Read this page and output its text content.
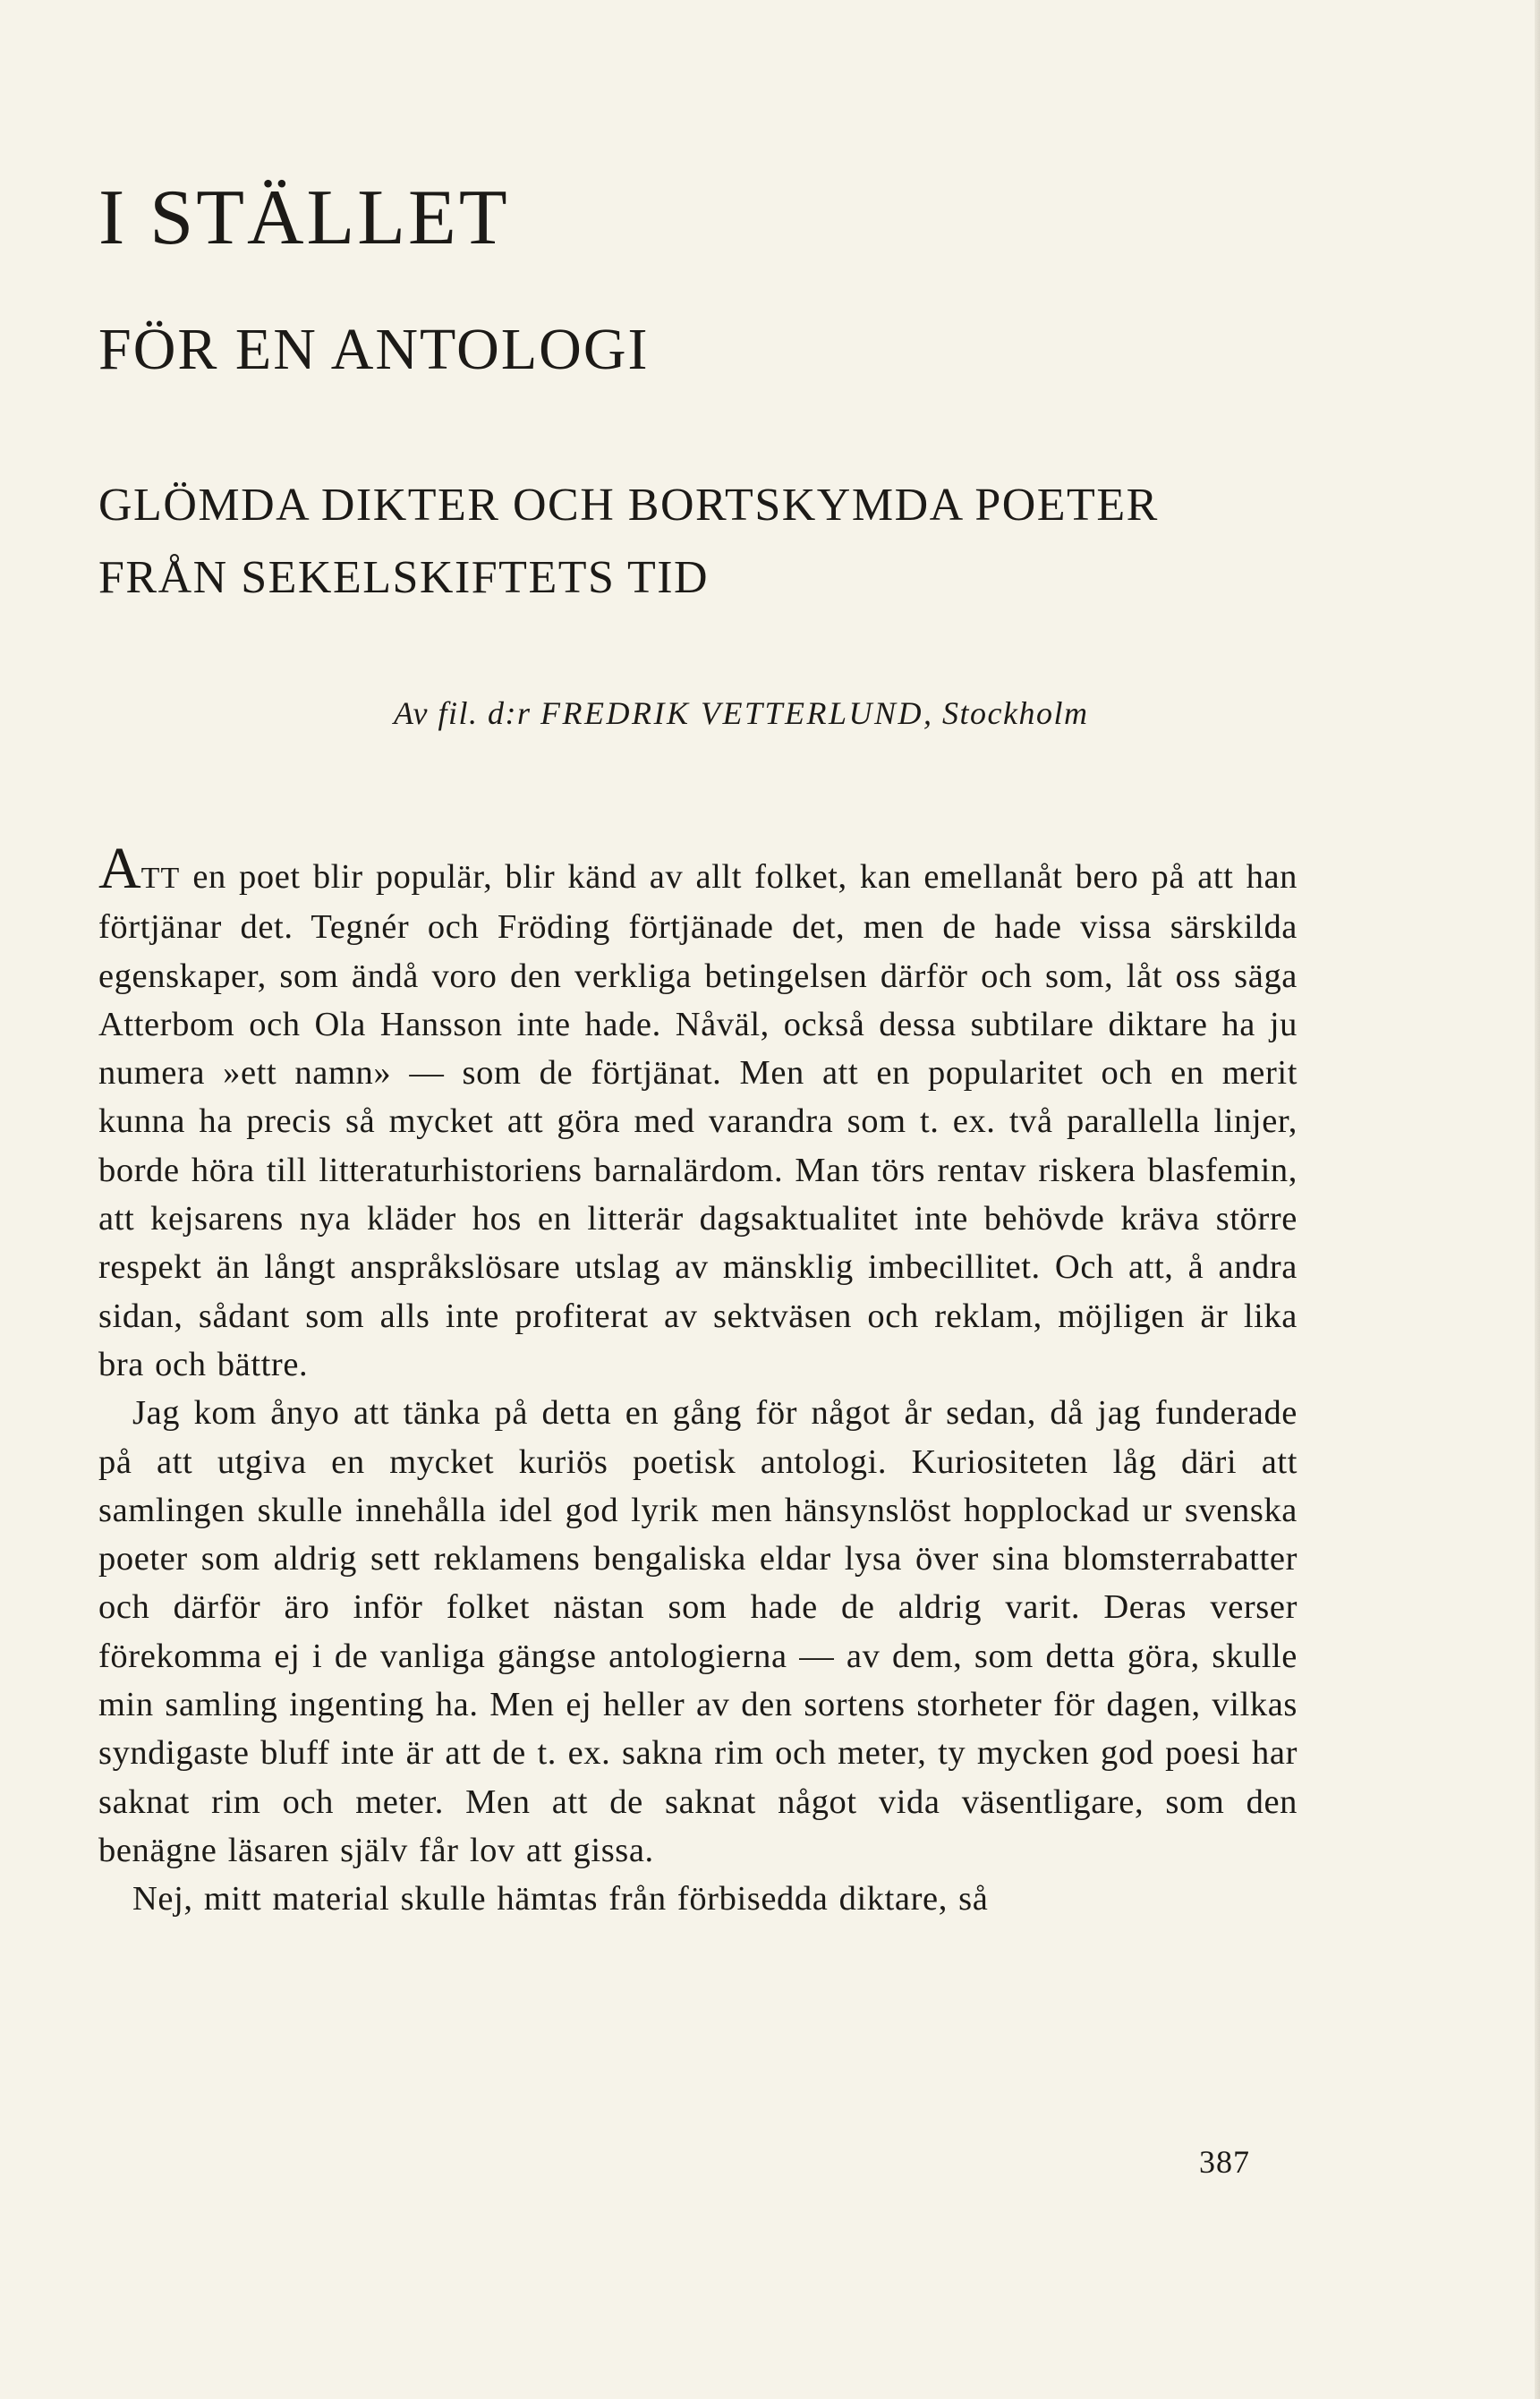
I STÄLLET
FÖR EN ANTOLOGI
GLÖMDA DIKTER OCH BORTSKYMDA POETER
FRÅN SEKELSKIFTETS TID
Av fil. d:r FREDRIK VETTERLUND, Stockholm

ATT en poet blir populär, blir känd av allt folket, kan emellanåt bero på att han förtjänar det. Tegnér och Fröding förtjänade det, men de hade vissa särskilda egenskaper, som ändå voro den verkliga betingelsen därför och som, låt oss säga Atterbom och Ola Hansson inte hade. Nåväl, också dessa subtilare diktare ha ju numera »ett namn» — som de förtjänat. Men att en popularitet och en merit kunna ha precis så mycket att göra med varandra som t. ex. två parallella linjer, borde höra till litteraturhistoriens barnalärdom. Man törs rentav riskera blasfemin, att kejsarens nya kläder hos en litterär dagsaktualitet inte behövde kräva större respekt än långt anspråkslösare utslag av mänsklig imbecillitet. Och att, å andra sidan, sådant som alls inte profiterat av sektväsen och reklam, möjligen är lika bra och bättre.

Jag kom ånyo att tänka på detta en gång för något år sedan, då jag funderade på att utgiva en mycket kuriös poetisk antologi. Kuriositeten låg däri att samlingen skulle innehålla idel god lyrik men hänsynslöst hopplockad ur svenska poeter som aldrig sett reklamens bengaliska eldar lysa över sina blomsterrabatter och därför äro inför folket nästan som hade de aldrig varit. Deras verser förekomma ej i de vanliga gängse antologierna — av dem, som detta göra, skulle min samling ingenting ha. Men ej heller av den sortens storheter för dagen, vilkas syndigaste bluff inte är att de t. ex. sakna rim och meter, ty mycken god poesi har saknat rim och meter. Men att de saknat något vida väsentligare, som den benägne läsaren själv får lov att gissa.

Nej, mitt material skulle hämtas från förbisedda diktare, så

387
